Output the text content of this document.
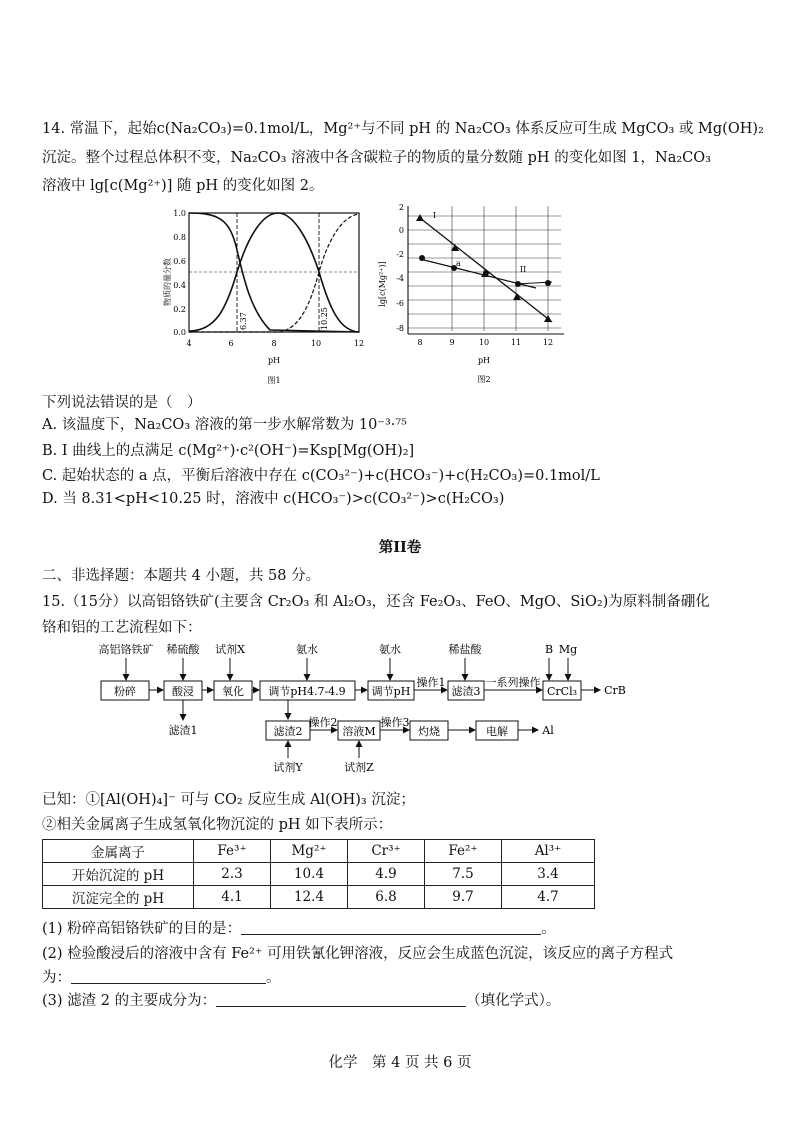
14. 常温下，起始c(Na₂CO₃)=0.1mol/L，Mg²⁺与不同 pH 的 Na₂CO₃ 体系反应可生成 MgCO₃ 或 Mg(OH)₂
沉淀。整个过程总体积不变，Na₂CO₃ 溶液中各含碳粒子的物质的量分数随 pH 的变化如图 1，Na₂CO₃
溶液中 lg[c(Mg²⁺)] 随 pH 的变化如图 2。
物质的量分数
1.0
0.8
0.6
0.4
0.2
0.0
4	6	8	10	12
6.37	10.25
pH
图1
lg[c(Mg²⁺)]
2
0
-2
-4
-6
-8
8	9	10	11	12
I
II
a
pH
图2
下列说法错误的是（　）
A. 该温度下，Na₂CO₃ 溶液的第一步水解常数为 10⁻³·⁷⁵
B. I 曲线上的点满足 c(Mg²⁺)·c²(OH⁻)=Ksp[Mg(OH)₂]
C. 起始状态的 a 点，平衡后溶液中存在 c(CO₃²⁻)+c(HCO₃⁻)+c(H₂CO₃)=0.1mol/L
D. 当 8.31<pH<10.25 时，溶液中 c(HCO₃⁻)>c(CO₃²⁻)>c(H₂CO₃)
第II卷
二、非选择题：本题共 4 小题，共 58 分。
15.（15分）以高铝铬铁矿(主要含 Cr₂O₃ 和 Al₂O₃，还含 Fe₂O₃、FeO、MgO、SiO₂)为原料制备硼化
铬和铝的工艺流程如下：
高铝铬铁矿 稀硫酸 试剂X	氨水	氨水	稀盐酸	B Mg
粉碎	酸浸	氧化 调节pH4.7-4.9 调节pH
操作1
滤渣3
一系列操作
CrCl₃ CrB
滤渣1	滤渣2
操作2
溶液M
操作3
灼烧	电解	Al
试剂Y	试剂Z
已知：①[Al(OH)₄]⁻ 可与 CO₂ 反应生成 Al(OH)₃ 沉淀；
②相关金属离子生成氢氧化物沉淀的 pH 如下表所示：
金属离子	Fe³⁺	Mg²⁺	Cr³⁺	Fe²⁺	Al³⁺
开始沉淀的 pH	2.3	10.4	4.9	7.5	3.4
沉淀完全的 pH	4.1	12.4	6.8	9.7	4.7
(1) 粉碎高铝铬铁矿的目的是：	。
(2) 检验酸浸后的溶液中含有 Fe²⁺ 可用铁氰化钾溶液，反应会生成蓝色沉淀，该反应的离子方程式
为：	。
(3) 滤渣 2 的主要成分为：	（填化学式）。
化学　第 4 页 共 6 页
